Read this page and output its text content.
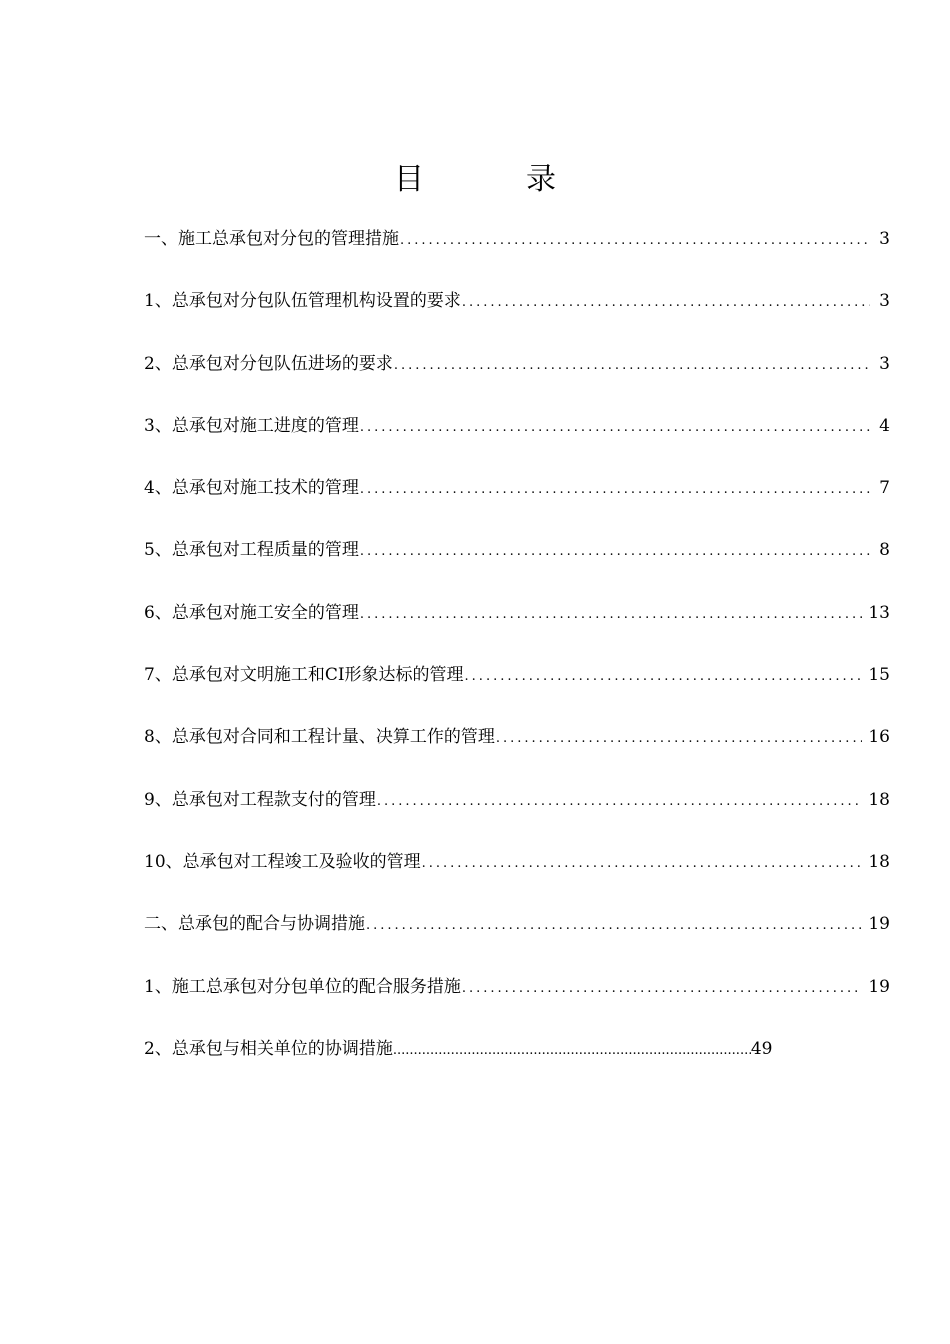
目　录
一、施工总承包对分包的管理措施 .....	3
1、总承包对分包队伍管理机构设置的要求 .....	3
2、总承包对分包队伍进场的要求 .....	3
3、总承包对施工进度的管理 .....	4
4、总承包对施工技术的管理 .....	7
5、总承包对工程质量的管理 .....	8
6、总承包对施工安全的管理 .....	13
7、总承包对文明施工和CI形象达标的管理 .....	15
8、总承包对合同和工程计量、决算工作的管理 .....	16
9、总承包对工程款支付的管理 .....	18
10、总承包对工程竣工及验收的管理 .....	18
二、总承包的配合与协调措施 .....	19
1、施工总承包对分包单位的配合服务措施 .....	19
2、总承包与相关单位的协调措施 .....	49
